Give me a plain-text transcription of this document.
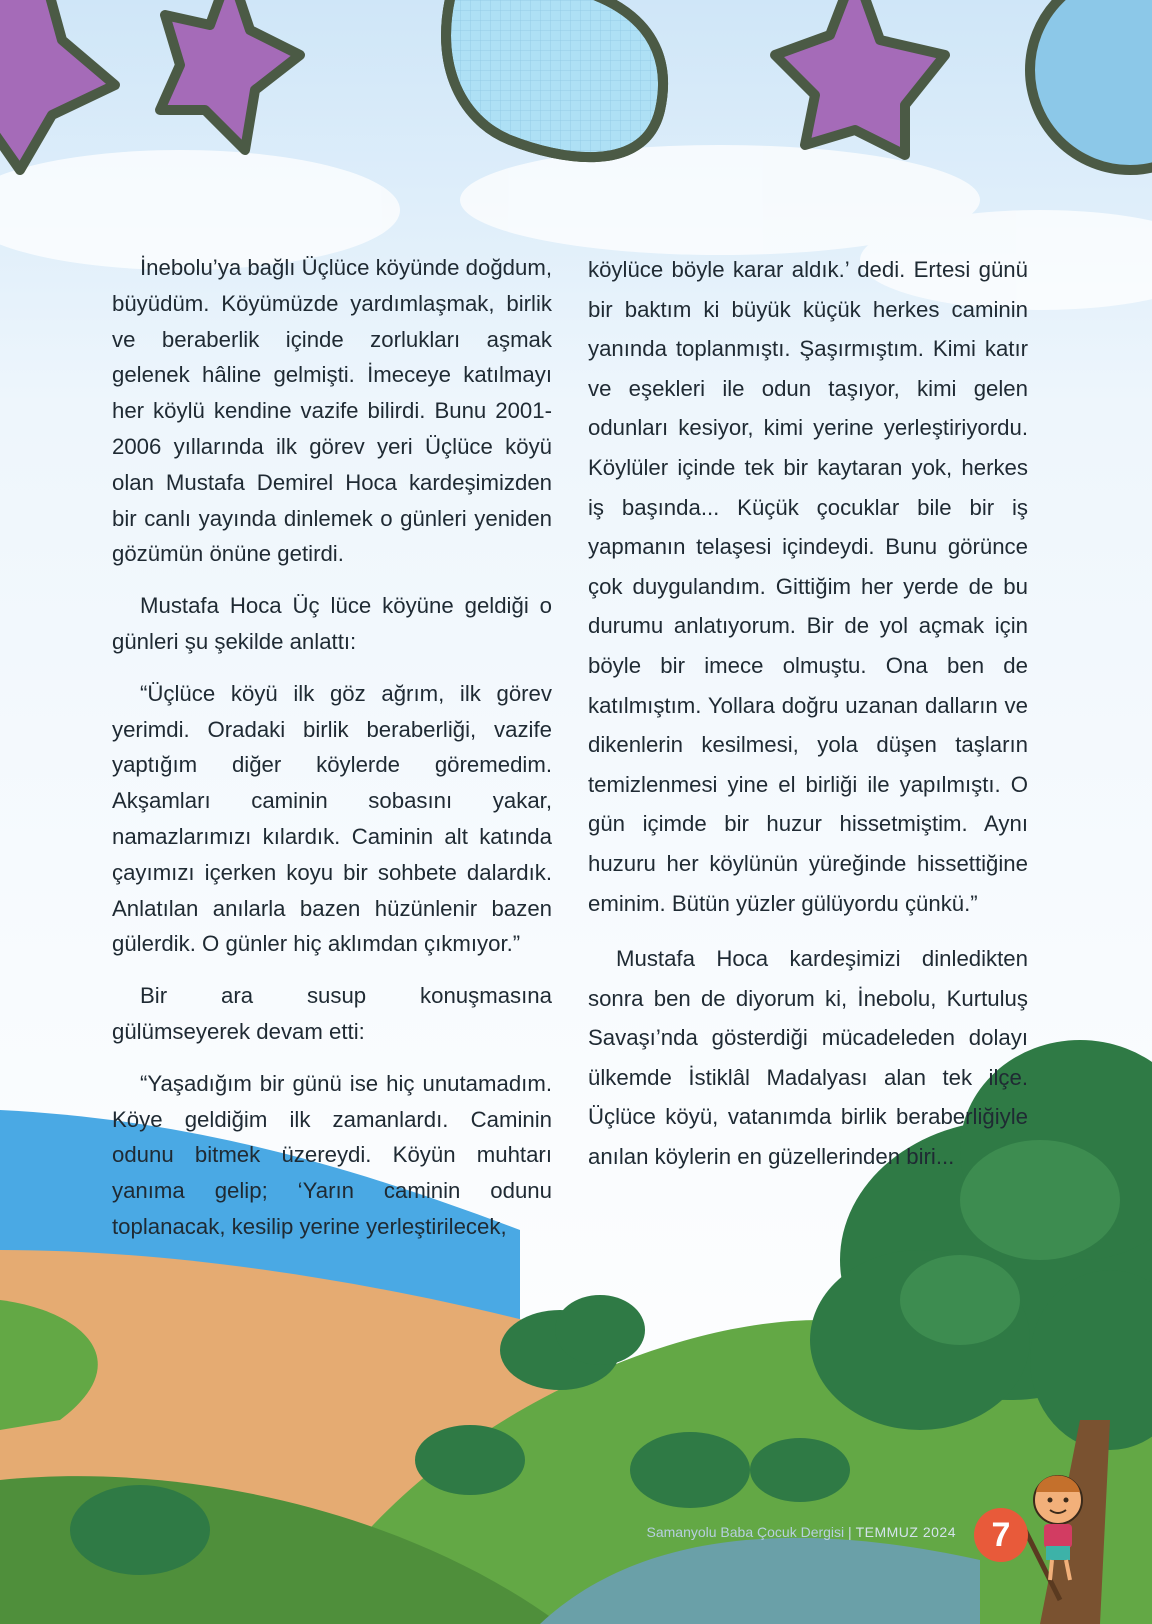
İnebolu’ya bağlı Üçlüce köyünde doğdum, büyüdüm. Köyümüzde yardımlaşmak, birlik ve beraberlik içinde zorlukları aşmak gelenek hâline gelmişti. İmeceye katılmayı her köylü kendine vazife bilirdi. Bunu 2001-2006 yıllarında ilk görev yeri Üçlüce köyü olan Mustafa Demirel Hoca kardeşimizden bir canlı yayında dinlemek o günleri yeniden gözümün önüne getirdi.

Mustafa Hoca Üç lüce köyüne geldiği o günleri şu şekilde anlattı:

“Üçlüce köyü ilk göz ağrım, ilk görev yerimdi. Oradaki birlik beraberliği, vazife yaptığım diğer köylerde göremedim. Akşamları caminin sobasını yakar, namazlarımızı kılardık. Caminin alt katında çayımızı içerken koyu bir sohbete dalardık. Anlatılan anılarla bazen hüzünlenir bazen gülerdik. O günler hiç aklımdan çıkmıyor.”

Bir ara susup konuşmasına gülümseyerek devam etti:

“Yaşadığım bir günü ise hiç unutamadım. Köye geldiğim ilk zamanlardı. Caminin odunu bitmek üzereydi. Köyün muhtarı yanıma gelip; ‘Yarın caminin odunu toplanacak, kesilip yerine yerleştirilecek,

köylüce böyle karar aldık.’ dedi. Ertesi günü bir baktım ki büyük küçük herkes caminin yanında toplanmıştı. Şaşırmıştım. Kimi katır ve eşekleri ile odun taşıyor, kimi gelen odunları kesiyor, kimi yerine yerleştiriyordu. Köylüler içinde tek bir kaytaran yok, herkes iş başında... Küçük çocuklar bile bir iş yapmanın telaşesi içindeydi. Bunu görünce çok duygulandım. Gittiğim her yerde de bu durumu anlatıyorum. Bir de yol açmak için böyle bir imece olmuştu. Ona ben de katılmıştım. Yollara doğru uzanan dalların ve dikenlerin kesilmesi, yola düşen taşların temizlenmesi yine el birliği ile yapılmıştı. O gün içimde bir huzur hissetmiştim. Aynı huzuru her köylünün yüreğinde hissettiğine eminim. Bütün yüzler gülüyordu çünkü.”

Mustafa Hoca kardeşimizi dinledikten sonra ben de diyorum ki, İnebolu, Kurtuluş Savaşı’nda gösterdiği mücadeleden dolayı ülkemde İstiklâl Madalyası alan tek ilçe. Üçlüce köyü, vatanımda birlik beraberliğiyle anılan köylerin en güzellerinden biri...

Samanyolu Baba Çocuk Dergisi | TEMMUZ 2024	7
